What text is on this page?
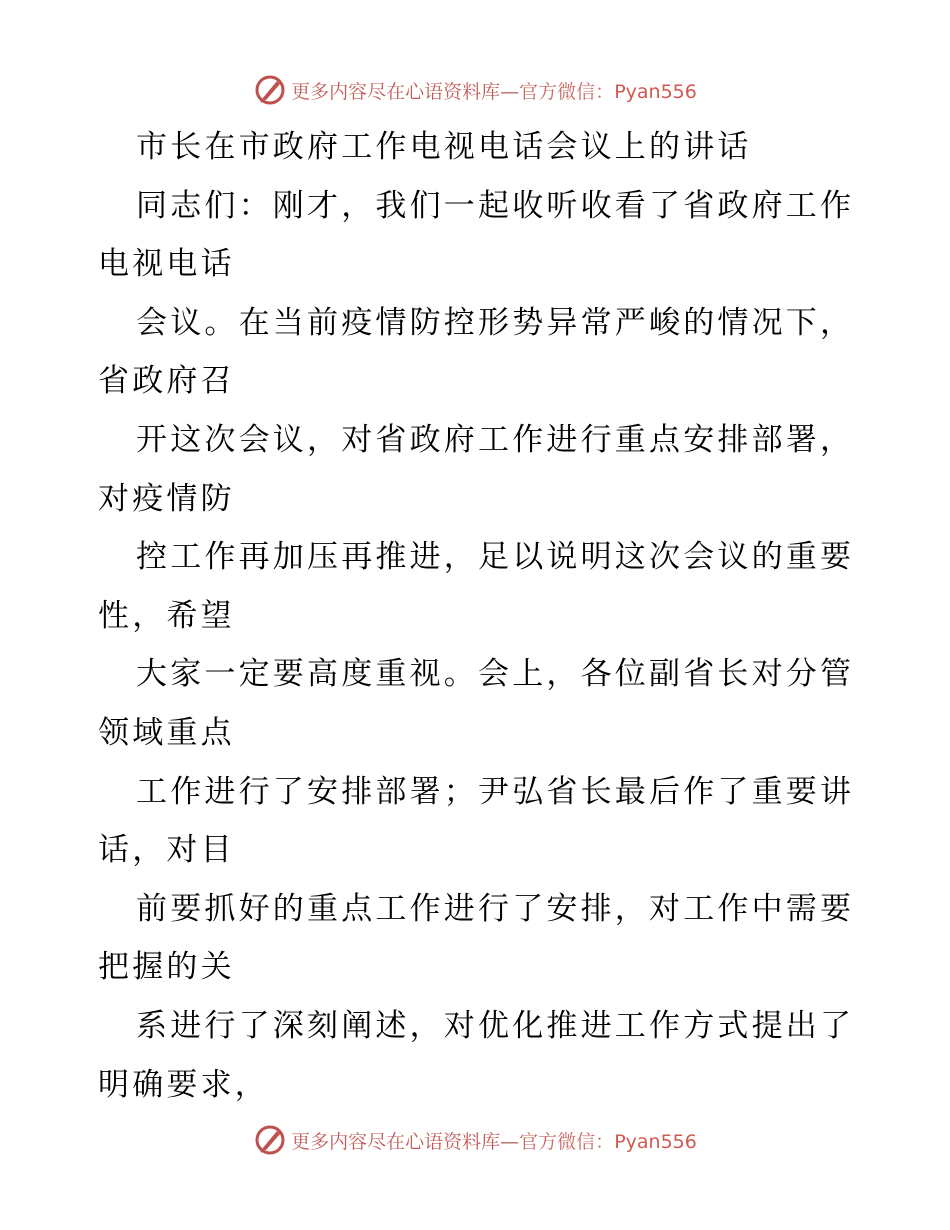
更多内容尽在心语资料库—官方微信：Pyan556
市长在市政府工作电视电话会议上的讲话
同志们：刚才，我们一起收听收看了省政府工作
电视电话
会议。在当前疫情防控形势异常严峻的情况下，
省政府召
开这次会议，对省政府工作进行重点安排部署，
对疫情防
控工作再加压再推进，足以说明这次会议的重要
性，希望
大家一定要高度重视。会上，各位副省长对分管
领域重点
工作进行了安排部署；尹弘省长最后作了重要讲
话，对目
前要抓好的重点工作进行了安排，对工作中需要
把握的关
系进行了深刻阐述，对优化推进工作方式提出了
明确要求，
更多内容尽在心语资料库—官方微信：Pyan556
